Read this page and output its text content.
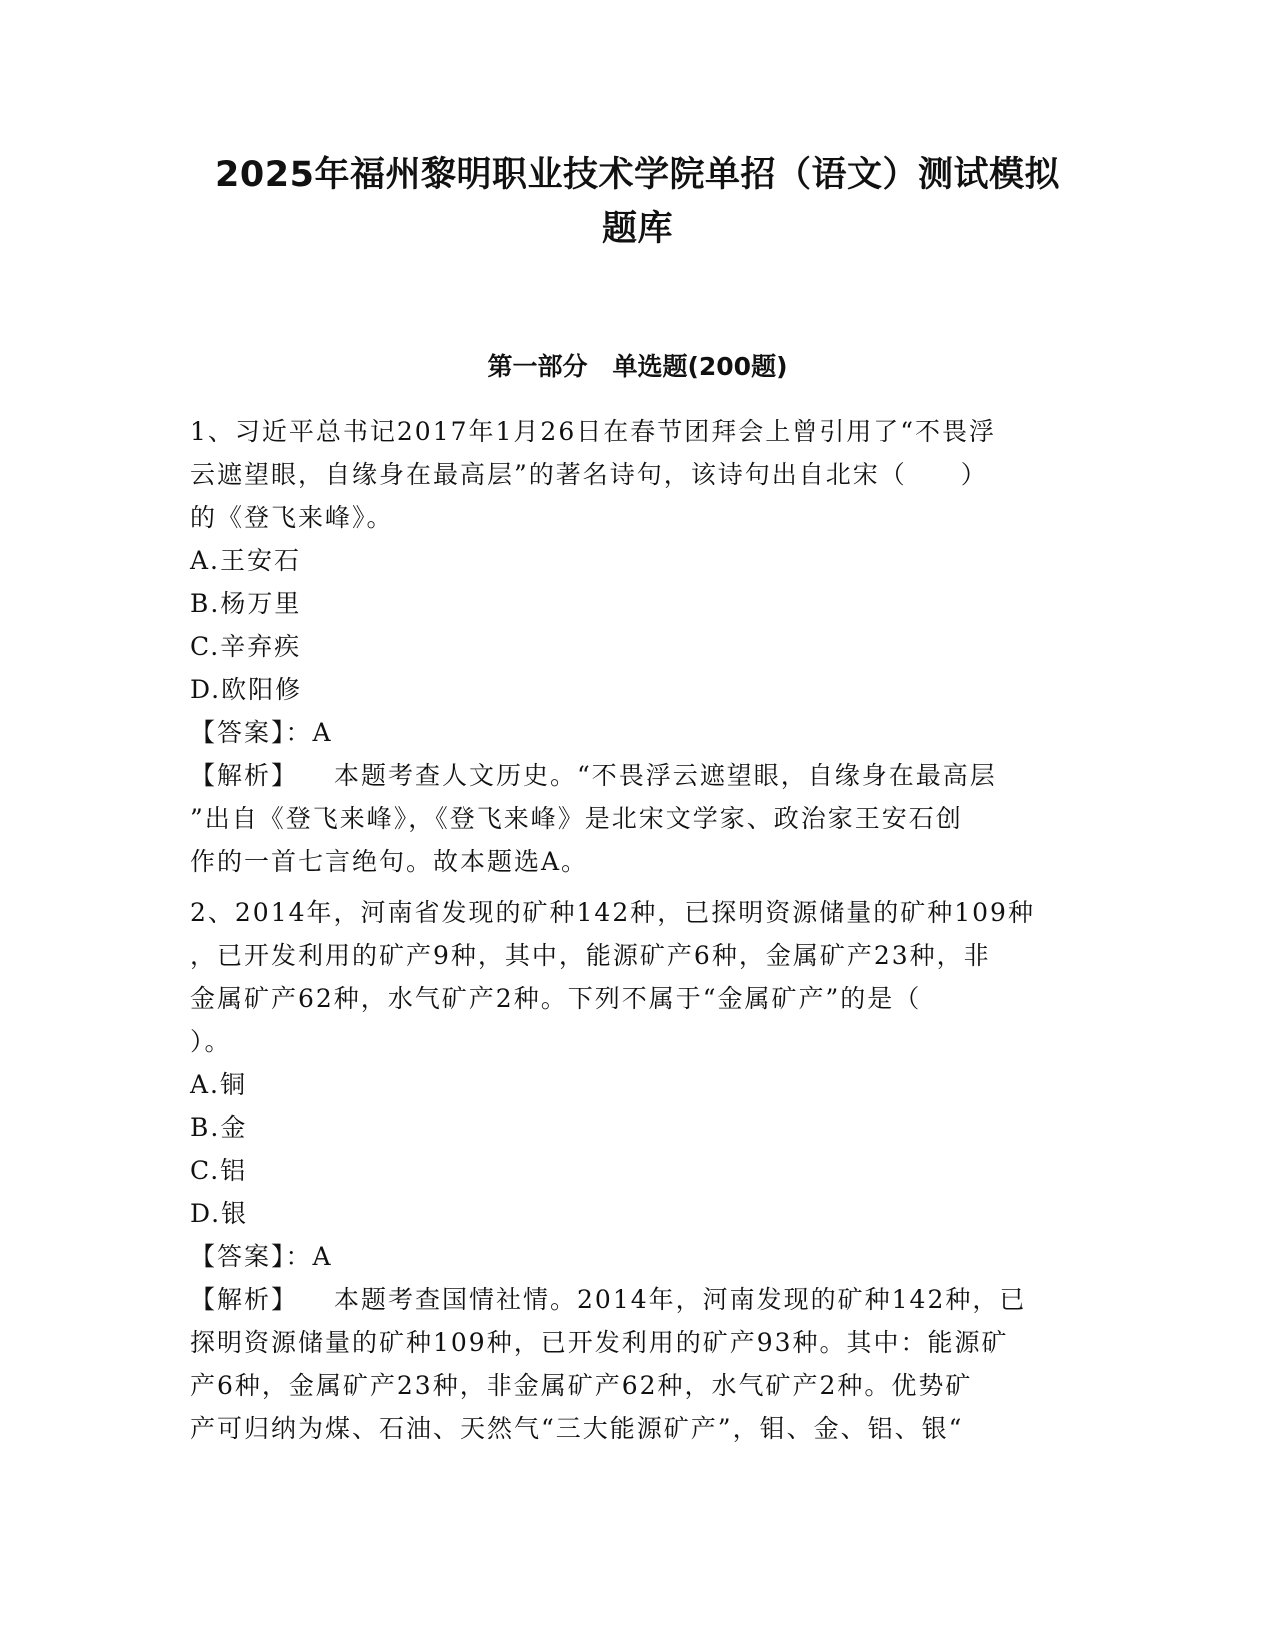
2025年福州黎明职业技术学院单招（语文）测试模拟
题库
第一部分　单选题(200题)
1、习近平总书记2017年1月26日在春节团拜会上曾引用了“不畏浮
云遮望眼，自缘身在最高层”的著名诗句，该诗句出自北宋（　　）
的《登飞来峰》。
A.王安石
B.杨万里
C.辛弃疾
D.欧阳修
【答案】：A
【解析】 本题考查人文历史。“不畏浮云遮望眼，自缘身在最高层
”出自《登飞来峰》，《登飞来峰》是北宋文学家、政治家王安石创
作的一首七言绝句。故本题选A。
2、2014年，河南省发现的矿种142种，已探明资源储量的矿种109种
，已开发利用的矿产9种，其中，能源矿产6种，金属矿产23种，非
金属矿产62种，水气矿产2种。下列不属于“金属矿产”的是（
）。
A.铜
B.金
C.铝
D.银
【答案】：A
【解析】 本题考查国情社情。2014年，河南发现的矿种142种，已
探明资源储量的矿种109种，已开发利用的矿产93种。其中：能源矿
产6种，金属矿产23种，非金属矿产62种，水气矿产2种。优势矿
产可归纳为煤、石油、天然气“三大能源矿产”，钼、金、铝、银“
